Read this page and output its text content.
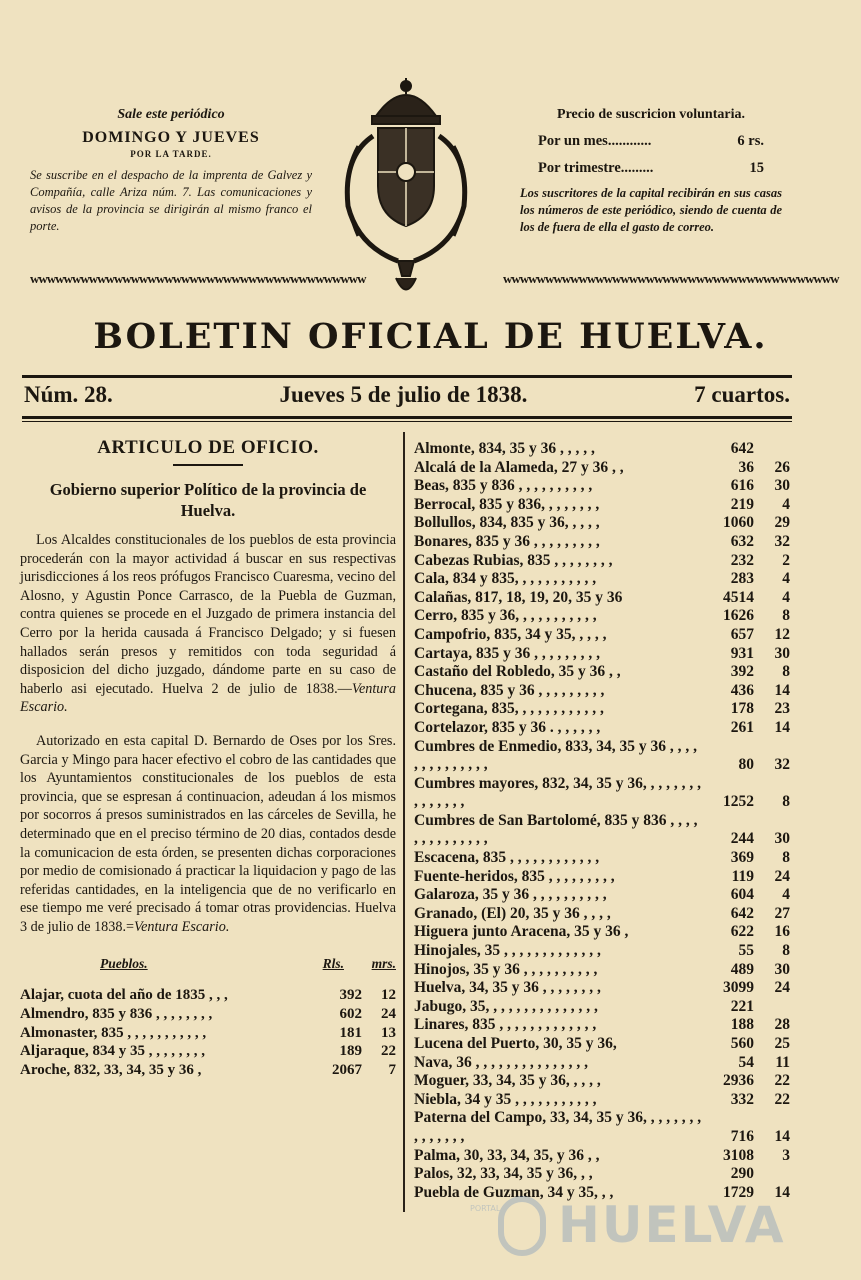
Sale este periódico
DOMINGO Y JUEVES
POR LA TARDE.
Se suscribe en el despacho de la imprenta de Galvez y Compañía, calle Ariza núm. 7. Las comunicaciones y avisos de la provincia se dirigirán al mismo franco el porte.
Precio de suscricion voluntaria.
Por un mes............	6 rs.
Por trimestre.........	15
Los suscritores de la capital recibirán en sus casas los números de este periódico, siendo de cuenta de los de fuera de ella el gasto de correo.
ᴡᴡᴡᴡᴡᴡᴡᴡᴡᴡᴡᴡᴡᴡᴡᴡᴡᴡᴡᴡᴡᴡᴡᴡᴡᴡᴡᴡᴡᴡᴡᴡᴡᴡᴡᴡᴡᴡᴡᴡ	ᴡᴡᴡᴡᴡᴡᴡᴡᴡᴡᴡᴡᴡᴡᴡᴡᴡᴡᴡᴡᴡᴡᴡᴡᴡᴡᴡᴡᴡᴡᴡᴡᴡᴡᴡᴡᴡᴡᴡᴡ
BOLETIN OFICIAL DE HUELVA.
Núm. 28.	Jueves 5 de julio de 1838.	7 cuartos.
ARTICULO DE OFICIO.
Gobierno superior Político de la provincia de Huelva.
Los Alcaldes constitucionales de los pueblos de esta provincia procederán con la mayor actividad á buscar en sus respectivas jurisdicciones á los reos prófugos Francisco Cuaresma, vecino del Alosno, y Agustin Ponce Carrasco, de la Puebla de Guzman, contra quienes se procede en el Juzgado de primera instancia del Cerro por la herida causada á Francisco Delgado; y si fuesen hallados serán presos y remitidos con toda seguridad á disposicion del dicho juzgado, dándome parte en su caso de haberlo asi ejecutado. Huelva 2 de julio de 1838.—Ventura Escario.
Autorizado en esta capital D. Bernardo de Oses por los Sres. Garcia y Mingo para hacer efectivo el cobro de las cantidades que los Ayuntamientos constitucionales de los pueblos de esta provincia, que se espresan á continuacion, adeudan á los mismos por socorros á presos suministrados en las cárceles de Sevilla, he determinado que en el preciso término de 20 dias, contados desde la comunicacion de esta órden, se presenten dichas corporaciones por medio de comisionado á practicar la liquidacion y pago de las referidas cantidades, en la inteligencia que de no verificarlo en ese tiempo me veré precisado á tomar otras providencias. Huelva 3 de julio de 1838.=Ventura Escario.
Pueblos.	Rls.	mrs.
Alajar, cuota del año de 1835 , , ,	392	12
Almendro, 835 y 836 , , , , , , , ,	602	24
Almonaster, 835 , , , , , , , , , , ,	181	13
Aljaraque, 834 y 35 , , , , , , , ,	189	22
Aroche, 832, 33, 34, 35 y 36 ,	2067	7
Almonte, 834, 35 y 36 , , , , ,	642
Alcalá de la Alameda, 27 y 36 , ,	36	26
Beas, 835 y 836 , , , , , , , , , ,	616	30
Berrocal, 835 y 836, , , , , , , ,	219	4
Bollullos, 834, 835 y 36, , , , ,	1060	29
Bonares, 835 y 36 , , , , , , , , ,	632	32
Cabezas Rubias, 835 , , , , , , , ,	232	2
Cala, 834 y 835, , , , , , , , , , ,	283	4
Calañas, 817, 18, 19, 20, 35 y 36	4514	4
Cerro, 835 y 36, , , , , , , , , , ,	1626	8
Campofrio, 835, 34 y 35, , , , ,	657	12
Cartaya, 835 y 36 , , , , , , , , ,	931	30
Castaño del Robledo, 35 y 36 , ,	392	8
Chucena, 835 y 36 , , , , , , , , ,	436	14
Cortegana, 835, , , , , , , , , , , ,	178	23
Cortelazor, 835 y 36 . , , , , , ,	261	14
Cumbres de Enmedio, 833, 34, 35 y 36 , , , , , , , , , , , , , ,	80	32
Cumbres mayores, 832, 34, 35 y 36, , , , , , , , , , , , , , ,	1252	8
Cumbres de San Bartolomé, 835 y 836 , , , , , , , , , , , , , ,	244	30
Escacena, 835 , , , , , , , , , , , ,	369	8
Fuente-heridos, 835 , , , , , , , , ,	119	24
Galaroza, 35 y 36 , , , , , , , , , ,	604	4
Granado, (El) 20, 35 y 36 , , , ,	642	27
Higuera junto Aracena, 35 y 36 ,	622	16
Hinojales, 35 , , , , , , , , , , , , ,	55	8
Hinojos, 35 y 36 , , , , , , , , , ,	489	30
Huelva, 34, 35 y 36 , , , , , , , ,	3099	24
Jabugo, 35, , , , , , , , , , , , , , ,	221
Linares, 835 , , , , , , , , , , , , ,	188	28
Lucena del Puerto, 30, 35 y 36,	560	25
Nava, 36 , , , , , , , , , , , , , , ,	54	11
Moguer, 33, 34, 35 y 36, , , , ,	2936	22
Niebla, 34 y 35 , , , , , , , , , , ,	332	22
Paterna del Campo, 33, 34, 35 y 36, , , , , , , , , , , , , , ,	716	14
Palma, 30, 33, 34, 35, y 36 , ,	3108	3
Palos, 32, 33, 34, 35 y 36, , ,	290
Puebla de Guzman, 34 y 35, , ,	1729	14
PORTAL HUELVA
